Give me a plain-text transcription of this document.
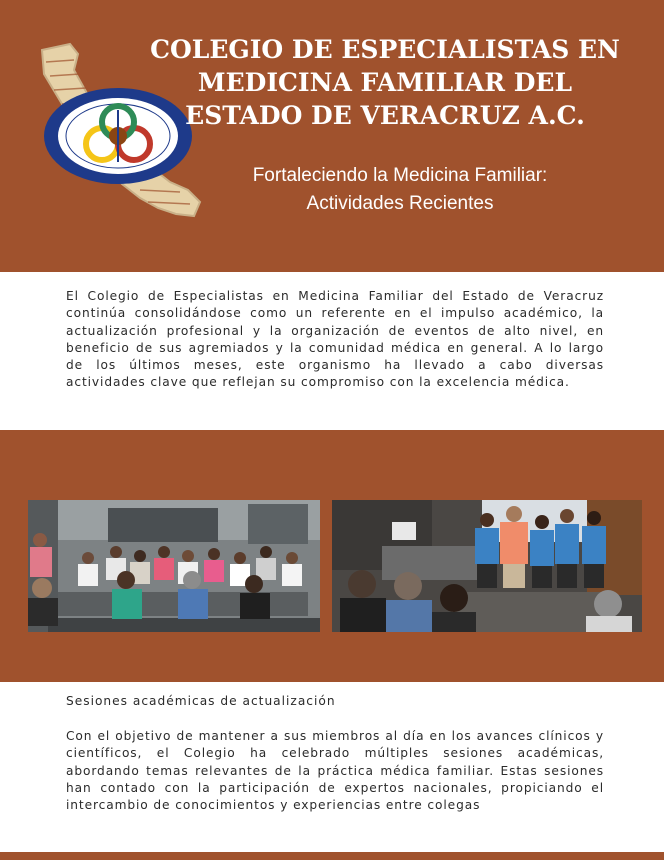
COLEGIO DE ESPECIALISTAS EN
MEDICINA FAMILIAR DEL
ESTADO DE VERACRUZ A.C.

Fortaleciendo la Medicina Familiar:
Actividades Recientes

El Colegio de Especialistas en Medicina Familiar del Estado de Veracruz continúa consolidándose como un referente en el impulso académico, la actualización profesional y la organización de eventos de alto nivel, en beneficio de sus agremiados y la comunidad médica en general. A lo largo de los últimos meses, este organismo ha llevado a cabo diversas actividades clave que reflejan su compromiso con la excelencia médica.

Sesiones académicas de actualización

Con el objetivo de mantener a sus miembros al día en los avances clínicos y científicos, el Colegio ha celebrado múltiples sesiones académicas, abordando temas relevantes de la práctica médica familiar. Estas sesiones han contado con la participación de expertos nacionales, propiciando el intercambio de conocimientos y experiencias entre colegas
